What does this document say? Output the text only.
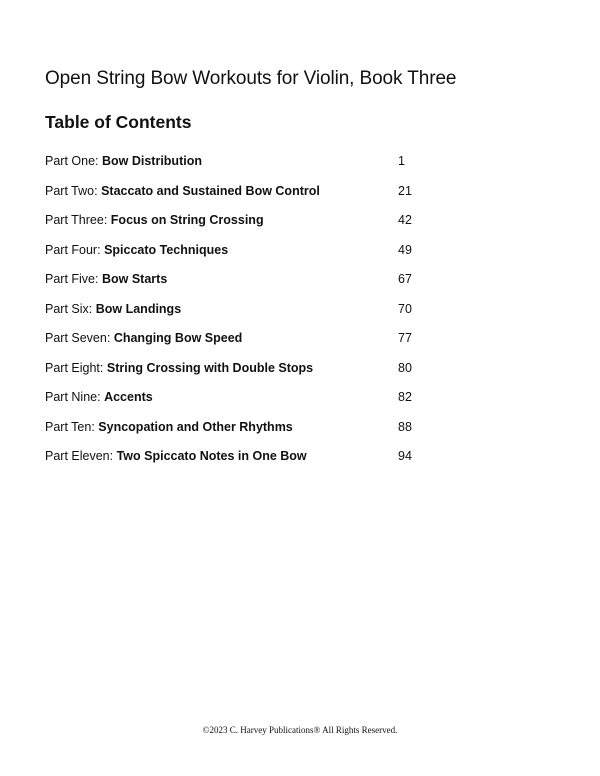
Open String Bow Workouts for Violin, Book Three
Table of Contents
Part One: Bow Distribution	1
Part Two: Staccato and Sustained Bow Control	21
Part Three: Focus on String Crossing	42
Part Four: Spiccato Techniques	49
Part Five: Bow Starts	67
Part Six: Bow Landings	70
Part Seven: Changing Bow Speed	77
Part Eight: String Crossing with Double Stops	80
Part Nine: Accents	82
Part Ten: Syncopation and Other Rhythms	88
Part Eleven: Two Spiccato Notes in One Bow	94
©2023 C. Harvey Publications® All Rights Reserved.
